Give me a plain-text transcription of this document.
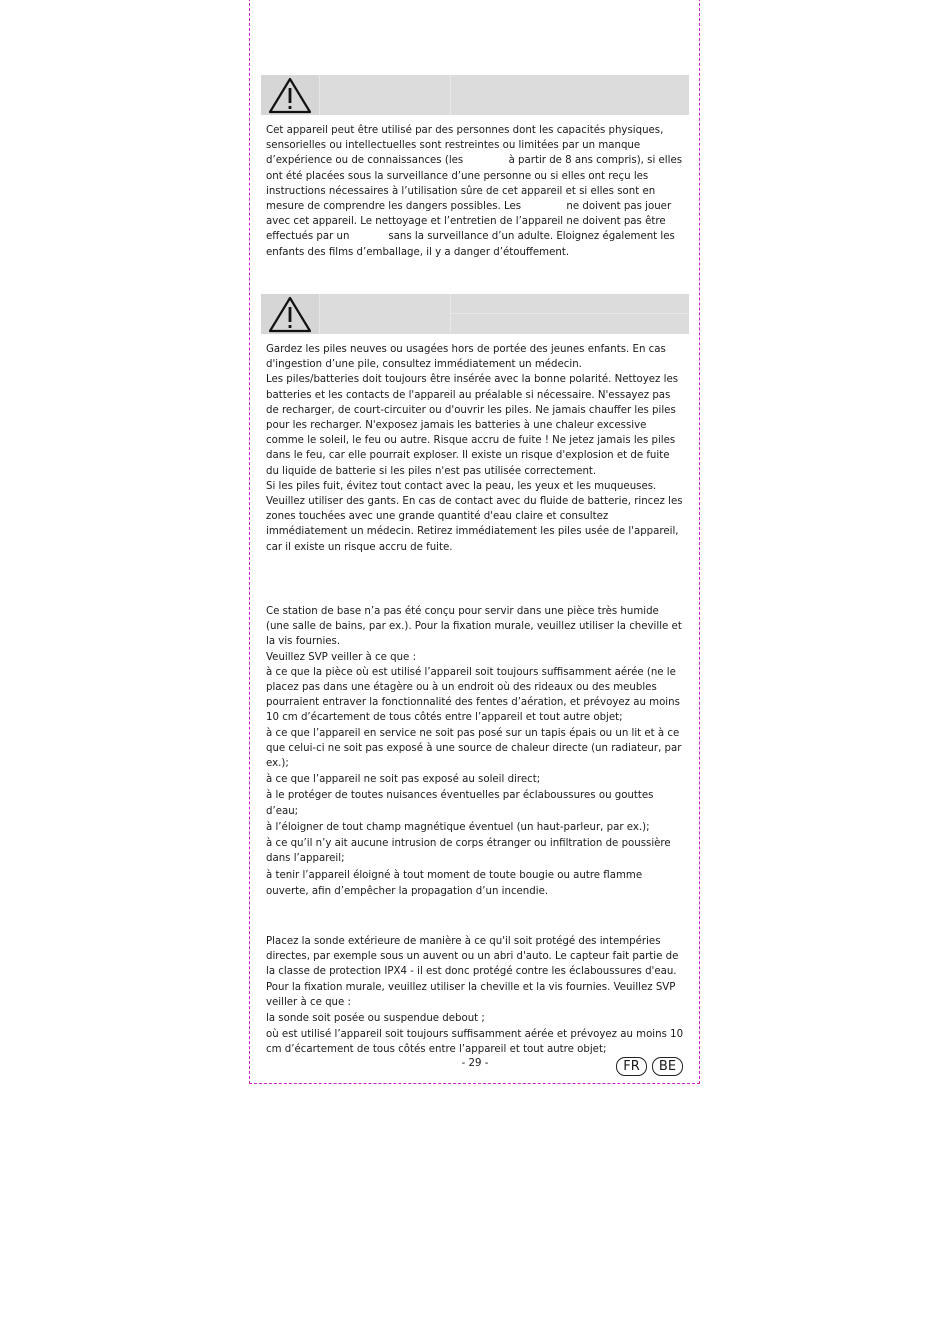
Cet appareil peut être utilisé par des personnes dont les capacités physiques, sensorielles ou intellectuelles sont restreintes ou limitées par un manque d’expérience ou de connaissances (les              à partir de 8 ans compris), si elles ont été placées sous la surveillance d’une personne ou si elles ont reçu les instructions nécessaires à l’utilisation sûre de cet appareil et si elles sont en mesure de comprendre les dangers possibles. Les              ne doivent pas jouer avec cet appareil. Le nettoyage et l’entretien de l’appareil ne doivent pas être effectués par un            sans la surveillance d’un adulte. Eloignez également les enfants des films d’emballage, il y a danger d’étouffement.

Gardez les piles neuves ou usagées hors de portée des jeunes enfants. En cas d'ingestion d’une pile, consultez immédiatement un médecin.

Les piles/batteries doit toujours être insérée avec la bonne polarité. Nettoyez les batteries et les contacts de l'appareil au préalable si nécessaire. N'essayez pas de recharger, de court-circuiter ou d'ouvrir les piles. Ne jamais chauffer les piles pour les recharger. N'exposez jamais les batteries à une chaleur excessive comme le soleil, le feu ou autre. Risque accru de fuite ! Ne jetez jamais les piles dans le feu, car elle pourrait exploser. Il existe un risque d'explosion et de fuite du liquide de batterie si les piles n'est pas utilisée correctement.

Si les piles fuit, évitez tout contact avec la peau, les yeux et les muqueuses. Veuillez utiliser des gants. En cas de contact avec du fluide de batterie, rincez les zones touchées avec une grande quantité d'eau claire et consultez immédiatement un médecin. Retirez immédiatement les piles usée de l'appareil, car il existe un risque accru de fuite.

Ce station de base n’a pas été conçu pour servir dans une pièce très humide (une salle de bains, par ex.). Pour la fixation murale, veuillez utiliser la cheville et la vis fournies.

Veuillez SVP veiller à ce que :

à ce que la pièce où est utilisé l’appareil soit toujours suffisamment aérée (ne le placez pas dans une étagère ou à un endroit où des rideaux ou des meubles pourraient entraver la fonctionnalité des fentes d’aération, et prévoyez au moins 10 cm d’écartement de tous côtés entre l’appareil et tout autre objet;

à ce que l’appareil en service ne soit pas posé sur un tapis épais ou un lit et à ce que celui-ci ne soit pas exposé à une source de chaleur directe (un radiateur, par ex.);

à ce que l’appareil ne soit pas exposé au soleil direct;

à le protéger de toutes nuisances éventuelles par éclaboussures ou gouttes d’eau;

à l’éloigner de tout champ magnétique éventuel (un haut-parleur, par ex.);

à ce qu’il n’y ait aucune intrusion de corps étranger ou infiltration de poussière dans l’appareil;

à tenir l’appareil éloigné à tout moment de toute bougie ou autre flamme ouverte, afin d’empêcher la propagation d’un incendie.

Placez la sonde extérieure de manière à ce qu'il soit protégé des intempéries directes, par exemple sous un auvent ou un abri d'auto. Le capteur fait partie de la classe de protection IPX4 - il est donc protégé contre les éclaboussures d'eau. Pour la fixation murale, veuillez utiliser la cheville et la vis fournies. Veuillez SVP veiller à ce que :

la sonde soit posée ou suspendue debout ;

où est utilisé l’appareil soit toujours suffisamment aérée et prévoyez au moins 10 cm d’écartement de tous côtés entre l’appareil et tout autre objet;

- 29 -	FR	BE
